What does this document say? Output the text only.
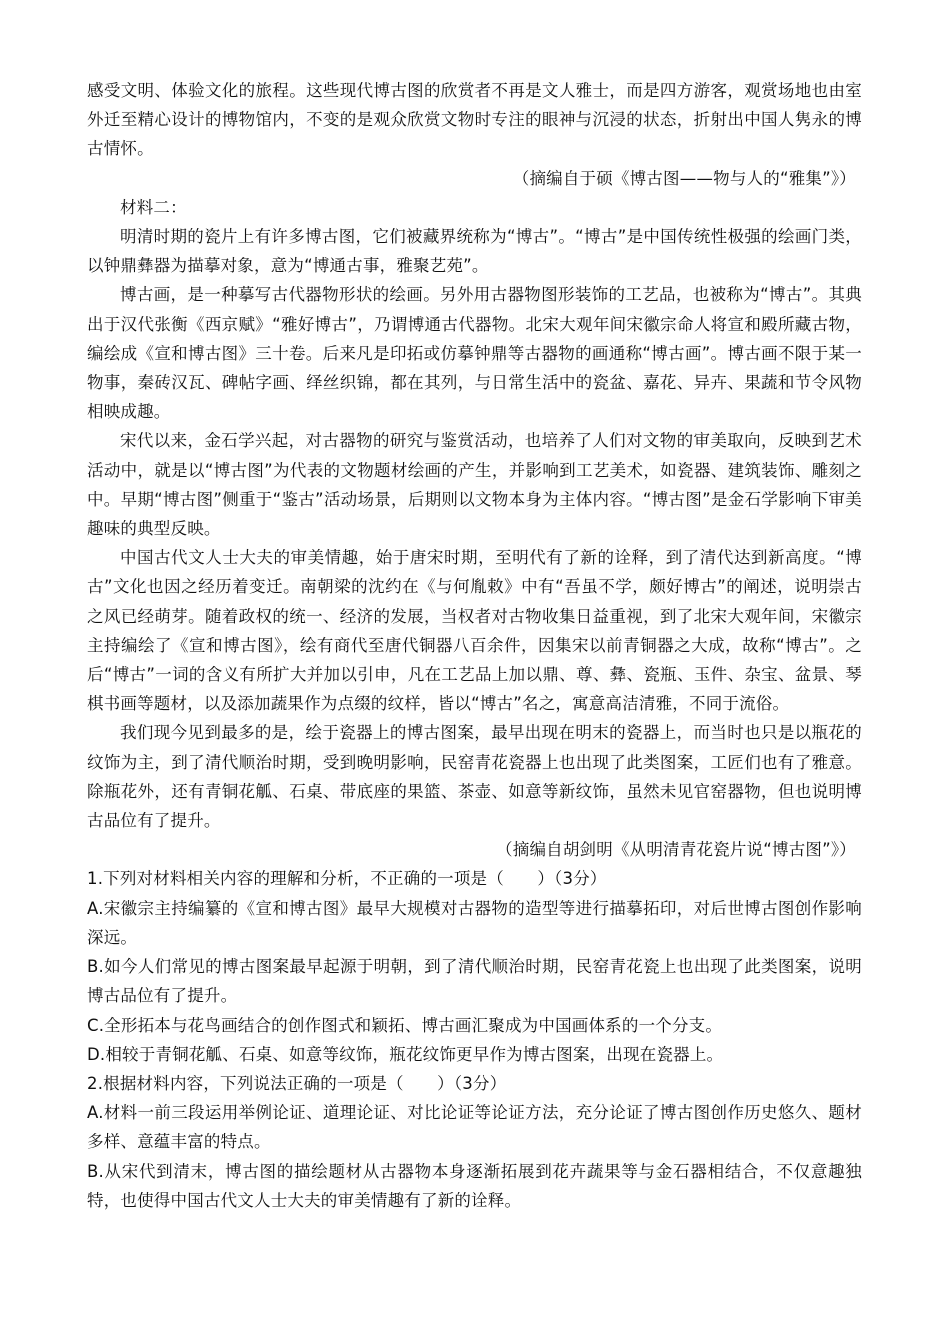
感受文明、体验文化的旅程。这些现代博古图的欣赏者不再是文人雅士，而是四方游客，观赏场地也由室外迁至精心设计的博物馆内，不变的是观众欣赏文物时专注的眼神与沉浸的状态，折射出中国人隽永的博古情怀。

（摘编自于硕《博古图——物与人的“雅集”》）

材料二：

明清时期的瓷片上有许多博古图，它们被藏界统称为“博古”。“博古”是中国传统性极强的绘画门类，以钟鼎彝器为描摹对象，意为“博通古事，雅聚艺苑”。

博古画，是一种摹写古代器物形状的绘画。另外用古器物图形装饰的工艺品，也被称为“博古”。其典出于汉代张衡《西京赋》“雅好博古”，乃谓博通古代器物。北宋大观年间宋徽宗命人将宣和殿所藏古物，编绘成《宣和博古图》三十卷。后来凡是印拓或仿摹钟鼎等古器物的画通称“博古画”。博古画不限于某一物事，秦砖汉瓦、碑帖字画、绎丝织锦，都在其列，与日常生活中的瓷盆、嘉花、异卉、果蔬和节令风物相映成趣。

宋代以来，金石学兴起，对古器物的研究与鉴赏活动，也培养了人们对文物的审美取向，反映到艺术活动中，就是以“博古图”为代表的文物题材绘画的产生，并影响到工艺美术，如瓷器、建筑装饰、雕刻之中。早期“博古图”侧重于“鉴古”活动场景，后期则以文物本身为主体内容。“博古图”是金石学影响下审美趣味的典型反映。

中国古代文人士大夫的审美情趣，始于唐宋时期，至明代有了新的诠释，到了清代达到新高度。“博古”文化也因之经历着变迁。南朝梁的沈约在《与何胤敕》中有“吾虽不学，颇好博古”的阐述，说明崇古之风已经萌芽。随着政权的统一、经济的发展，当权者对古物收集日益重视，到了北宋大观年间，宋徽宗主持编绘了《宣和博古图》，绘有商代至唐代铜器八百余件，因集宋以前青铜器之大成，故称“博古”。之后“博古”一词的含义有所扩大并加以引申，凡在工艺品上加以鼎、尊、彝、瓷瓶、玉件、杂宝、盆景、琴棋书画等题材，以及添加蔬果作为点缀的纹样，皆以“博古”名之，寓意高洁清雅，不同于流俗。

我们现今见到最多的是，绘于瓷器上的博古图案，最早出现在明末的瓷器上，而当时也只是以瓶花的纹饰为主，到了清代顺治时期，受到晚明影响，民窑青花瓷器上也出现了此类图案，工匠们也有了雅意。除瓶花外，还有青铜花觚、石桌、带底座的果篮、茶壶、如意等新纹饰，虽然未见官窑器物，但也说明博古品位有了提升。

（摘编自胡剑明《从明清青花瓷片说“博古图”》）

1.下列对材料相关内容的理解和分析，不正确的一项是（　　）（3分）

A.宋徽宗主持编纂的《宣和博古图》最早大规模对古器物的造型等进行描摹拓印，对后世博古图创作影响深远。

B.如今人们常见的博古图案最早起源于明朝，到了清代顺治时期，民窑青花瓷上也出现了此类图案，说明博古品位有了提升。

C.全形拓本与花鸟画结合的创作图式和颖拓、博古画汇聚成为中国画体系的一个分支。

D.相较于青铜花觚、石桌、如意等纹饰，瓶花纹饰更早作为博古图案，出现在瓷器上。

2.根据材料内容，下列说法正确的一项是（　　）（3分）

A.材料一前三段运用举例论证、道理论证、对比论证等论证方法，充分论证了博古图创作历史悠久、题材多样、意蕴丰富的特点。

B.从宋代到清末，博古图的描绘题材从古器物本身逐渐拓展到花卉蔬果等与金石器相结合，不仅意趣独特，也使得中国古代文人士大夫的审美情趣有了新的诠释。
